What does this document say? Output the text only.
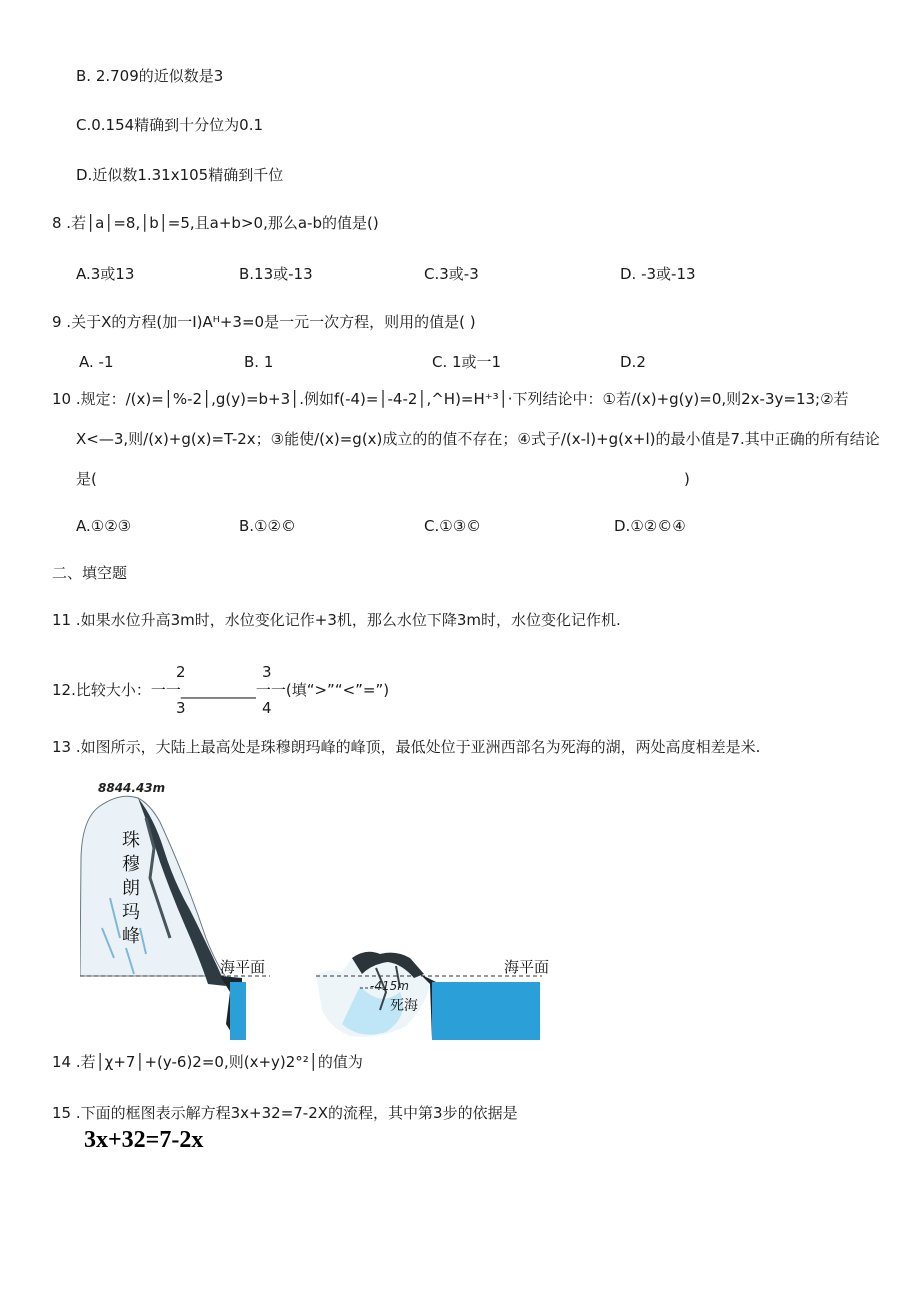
B. 2.709的近似数是3
C.0.154精确到十分位为0.1
D.近似数1.31x105精确到千位
8 .若│a│=8,│b│=5,且a+b>0,那么a-b的值是()
A.3或13	B.13或-13	C.3或-3	D. -3或-13
9 .关于X的方程(加一I)Aᴴ+3=0是一元一次方程，则用的值是( )
A. -1	B. 1	C. 1或一1	D.2
10 .规定：/(x)=│%-2│,g(y)=b+3│.例如f(-4)=│-4-2│,^H)=H⁺³│·下列结论中：①若/(x)+g(y)=0,则2x-3y=13;②若
X<—3,则/(x)+g(x)=T-2x；③能使/(x)=g(x)成立的的值不存在；④式子/(x-l)+g(x+l)的最小值是7.其中正确的所有结论
是(	)
A.①②③	B.①②©	C.①③©	D.①②©④
二、填空题
11 .如果水位升高3m时，水位变化记作+3机，那么水位下降3m时，水位变化记作机.
2	3
12.比较大小：一一__________一一(填“>”“<”=”)
3	4
13 .如图所示，大陆上最高处是珠穆朗玛峰的峰顶，最低处位于亚洲西部名为死海的湖，两处高度相差是米.
8844.43m
珠
穆
朗
玛
峰
海平面	海平面
-415m
死海
14 .若│χ+7│+(y-6)2=0,则(x+y)2°²│的值为
15 .下面的框图表示解方程3x+32=7-2X的流程，其中第3步的依据是
3x+32=7-2x
